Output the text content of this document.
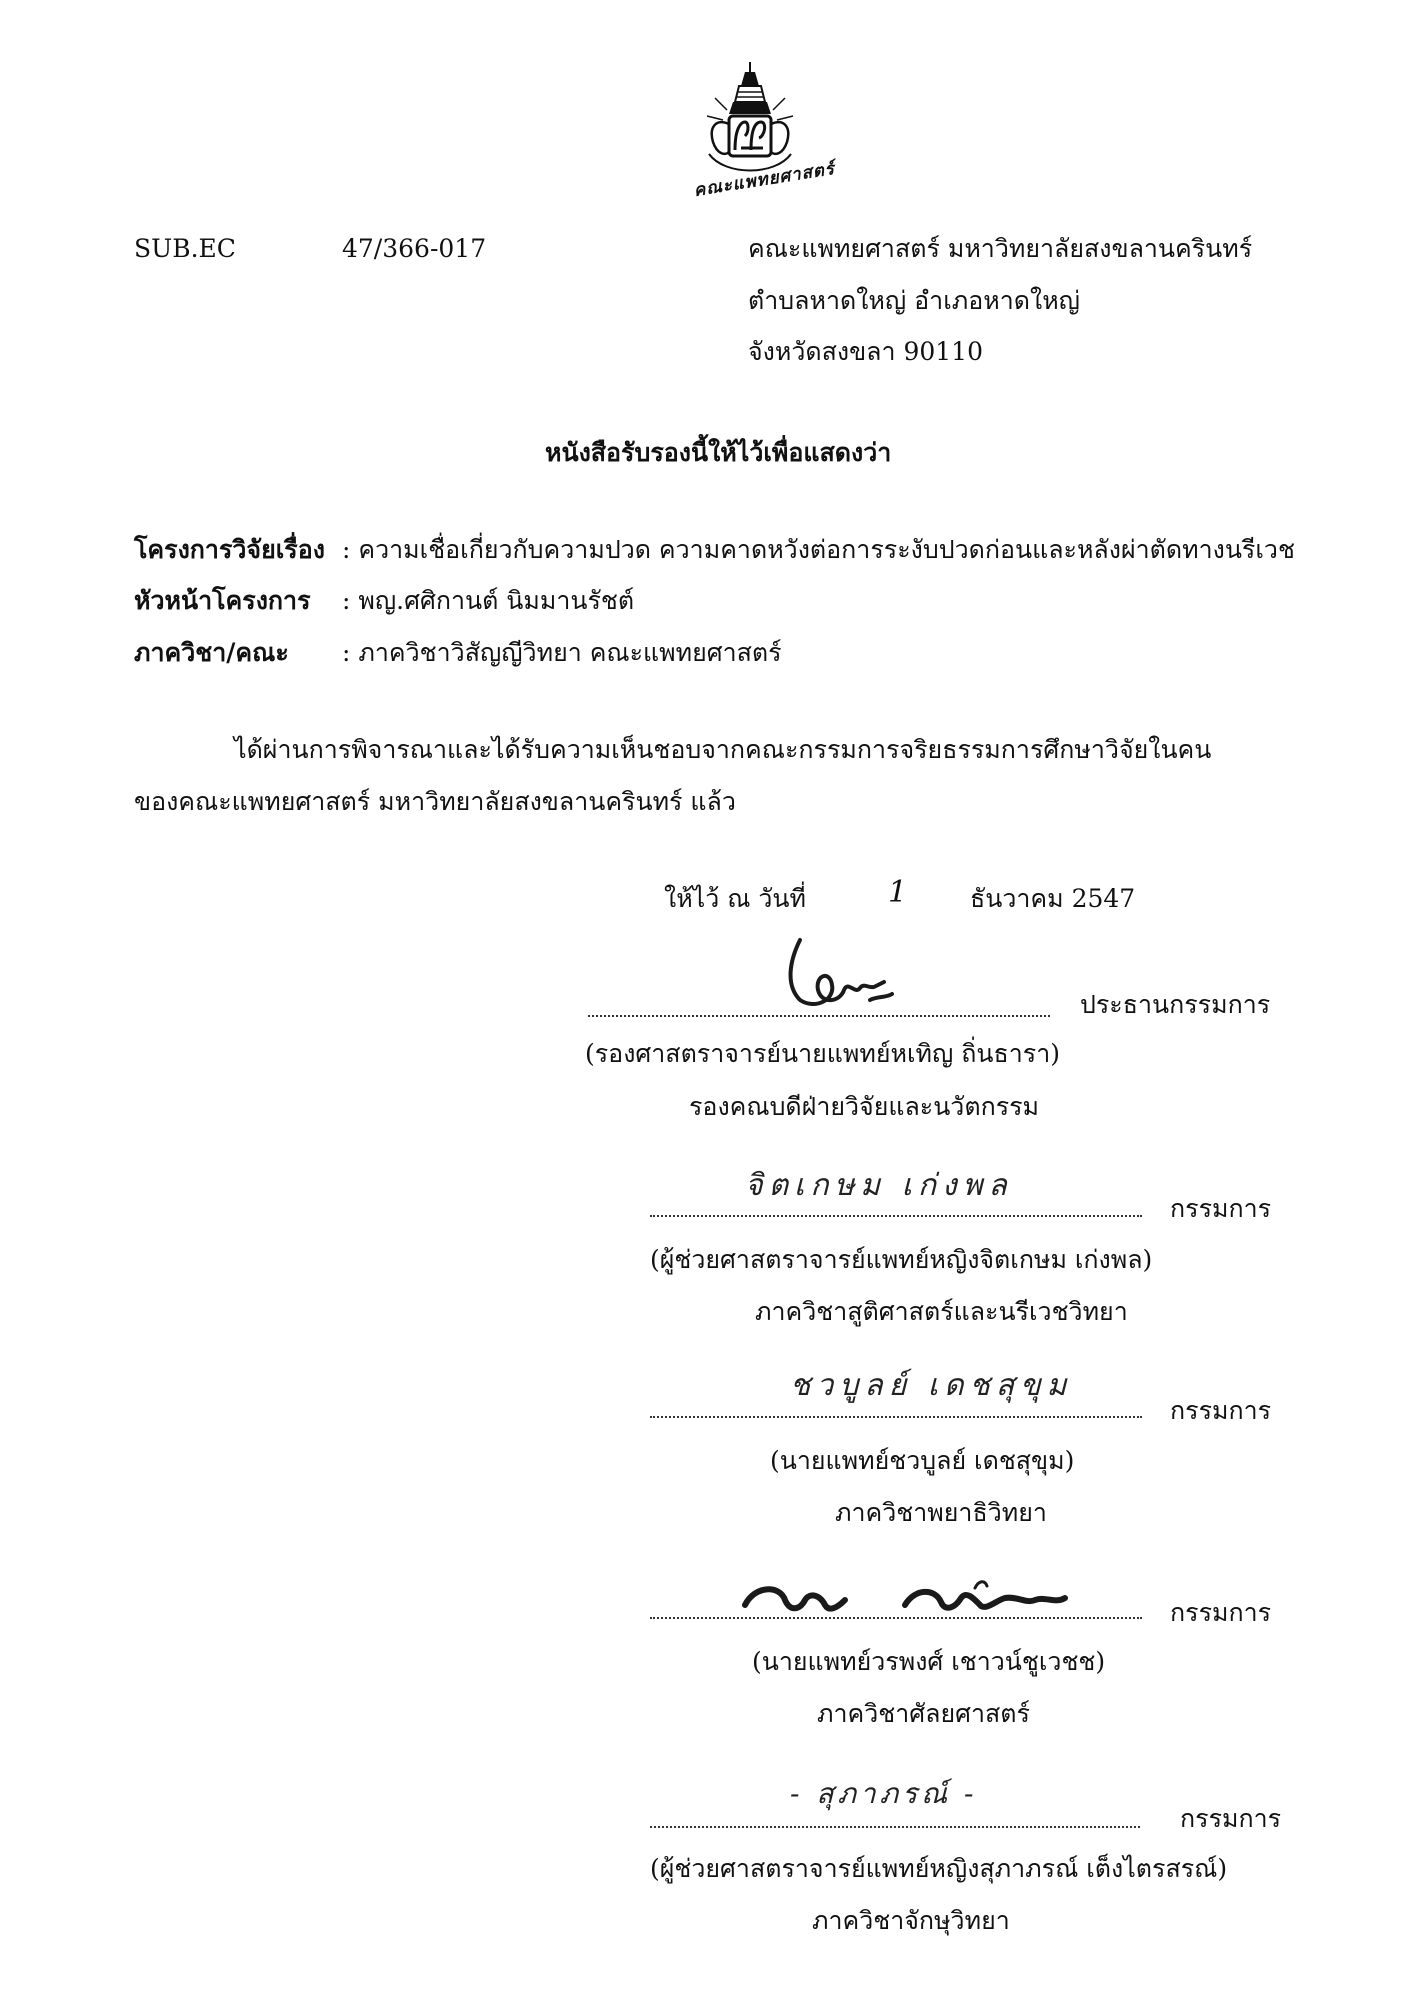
คณะแพทยศาสตร์
SUB.EC	47/366-017	คณะแพทยศาสตร์ มหาวิทยาลัยสงขลานครินทร์
ตำบลหาดใหญ่ อำเภอหาดใหญ่
จังหวัดสงขลา 90110
หนังสือรับรองนี้ให้ไว้เพื่อแสดงว่า
โครงการวิจัยเรื่อง : ความเชื่อเกี่ยวกับความปวด ความคาดหวังต่อการระงับปวดก่อนและหลังผ่าตัดทางนรีเวช
หัวหน้าโครงการ : พญ.ศศิกานต์ นิมมานรัชต์
ภาควิชา/คณะ : ภาควิชาวิสัญญีวิทยา คณะแพทยศาสตร์
ได้ผ่านการพิจารณาและได้รับความเห็นชอบจากคณะกรรมการจริยธรรมการศึกษาวิจัยในคน
ของคณะแพทยศาสตร์ มหาวิทยาลัยสงขลานครินทร์ แล้ว
ให้ไว้ ณ วันที่	1	ธันวาคม 2547
ประธานกรรมการ
(รองศาสตราจารย์นายแพทย์หเทิญ ถิ่นธารา)
รองคณบดีฝ่ายวิจัยและนวัตกรรม
จิตเกษม เก่งพล
กรรมการ
(ผู้ช่วยศาสตราจารย์แพทย์หญิงจิตเกษม เก่งพล)
ภาควิชาสูติศาสตร์และนรีเวชวิทยา
ชวบูลย์ เดชสุขุม
กรรมการ
(นายแพทย์ชวบูลย์ เดชสุขุม)
ภาควิชาพยาธิวิทยา
กรรมการ
(นายแพทย์วรพงศ์ เชาวน์ชูเวชช)
ภาควิชาศัลยศาสตร์
- สุภาภรณ์ -
กรรมการ
(ผู้ช่วยศาสตราจารย์แพทย์หญิงสุภาภรณ์ เต็งไตรสรณ์)
ภาควิชาจักษุวิทยา
